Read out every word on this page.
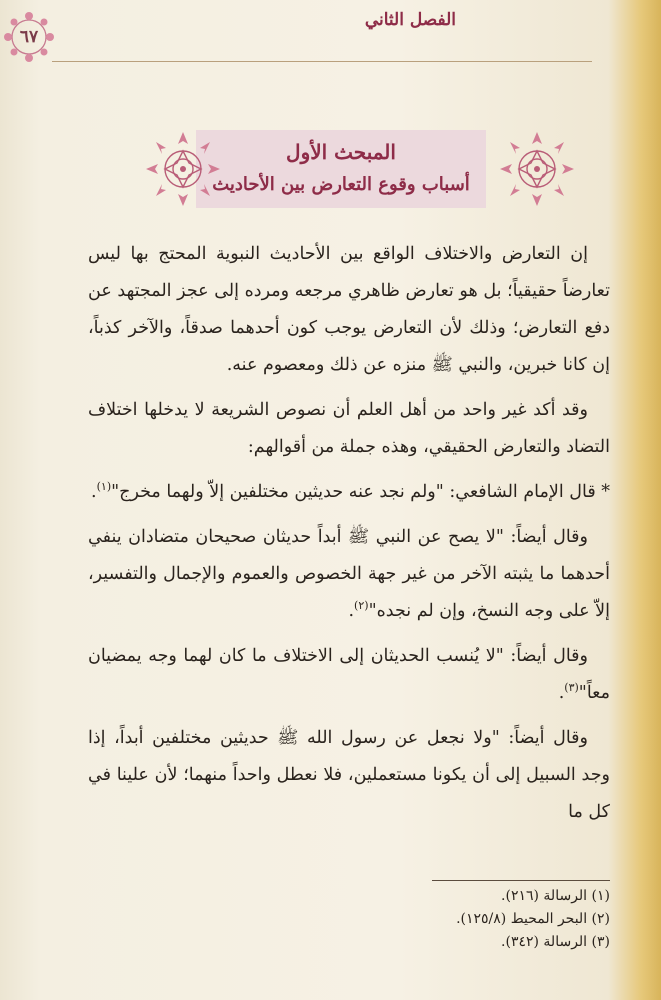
٦٧
الفصل الثاني
المبحث الأول
أسباب وقوع التعارض بين الأحاديث

إن التعارض والاختلاف الواقع بين الأحاديث النبوية المحتج بها ليس تعارضاً حقيقياً؛ بل هو تعارض ظاهري مرجعه ومرده إلى عجز المجتهد عن دفع التعارض؛ وذلك لأن التعارض يوجب كون أحدهما صدقاً، والآخر كذباً، إن كانا خبرين، والنبي ﷺ منزه عن ذلك ومعصوم عنه.

وقد أكد غير واحد من أهل العلم أن نصوص الشريعة لا يدخلها اختلاف التضاد والتعارض الحقيقي، وهذه جملة من أقوالهم:

* قال الإمام الشافعي: "ولم نجد عنه حديثين مختلفين إلاّ ولهما مخرج"$^{(١)}$.

وقال أيضاً: "لا يصح عن النبي ﷺ أبداً حديثان صحيحان متضادان ينفي أحدهما ما يثبته الآخر من غير جهة الخصوص والعموم والإجمال والتفسير، إلاّ على وجه النسخ، وإن لم نجده"$^{(٢)}$.

وقال أيضاً: "لا يُنسب الحديثان إلى الاختلاف ما كان لهما وجه يمضيان معاً"$^{(٣)}$.

وقال أيضاً: "ولا نجعل عن رسول الله ﷺ حديثين مختلفين أبداً، إذا وجد السبيل إلى أن يكونا مستعملين، فلا نعطل واحداً منهما؛ لأن علينا في كل ما

(١) الرسالة (٢١٦).
(٢) البحر المحيط (١٢٥/٨).
(٣) الرسالة (٣٤٢).
